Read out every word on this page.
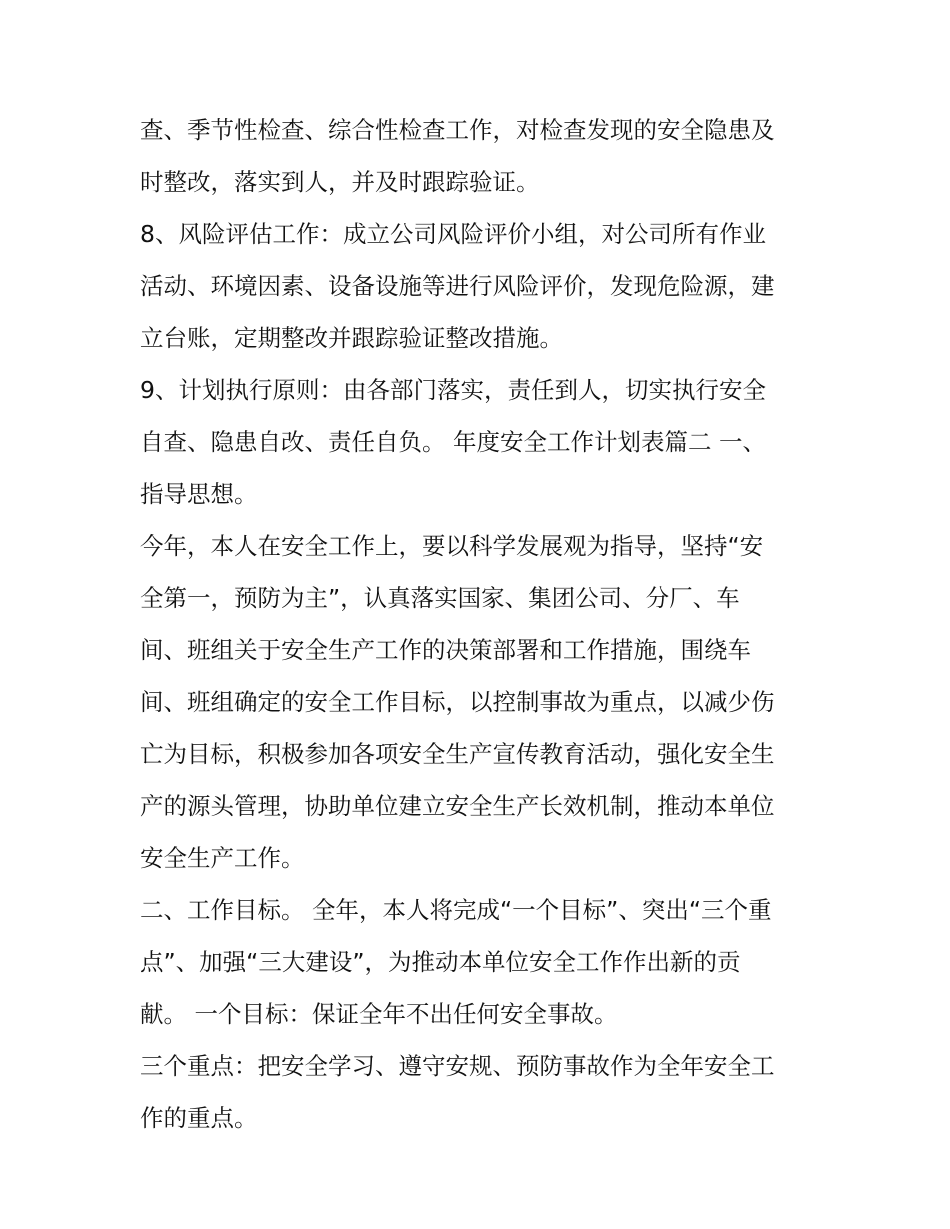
查、季节性检查、综合性检查工作，对检查发现的安全隐患及
时整改，落实到人，并及时跟踪验证。
8、风险评估工作：成立公司风险评价小组，对公司所有作业
活动、环境因素、设备设施等进行风险评价，发现危险源，建
立台账，定期整改并跟踪验证整改措施。
9、计划执行原则：由各部门落实，责任到人，切实执行安全
自查、隐患自改、责任自负。 年度安全工作计划表篇二 一、
指导思想。
今年，本人在安全工作上，要以科学发展观为指导，坚持“安
全第一，预防为主”，认真落实国家、集团公司、分厂、车
间、班组关于安全生产工作的决策部署和工作措施，围绕车
间、班组确定的安全工作目标，以控制事故为重点，以减少伤
亡为目标，积极参加各项安全生产宣传教育活动，强化安全生
产的源头管理，协助单位建立安全生产长效机制，推动本单位
安全生产工作。
二、工作目标。 全年，本人将完成“一个目标”、突出“三个重
点”、加强“三大建设”，为推动本单位安全工作作出新的贡
献。 一个目标：保证全年不出任何安全事故。
三个重点：把安全学习、遵守安规、预防事故作为全年安全工
作的重点。
